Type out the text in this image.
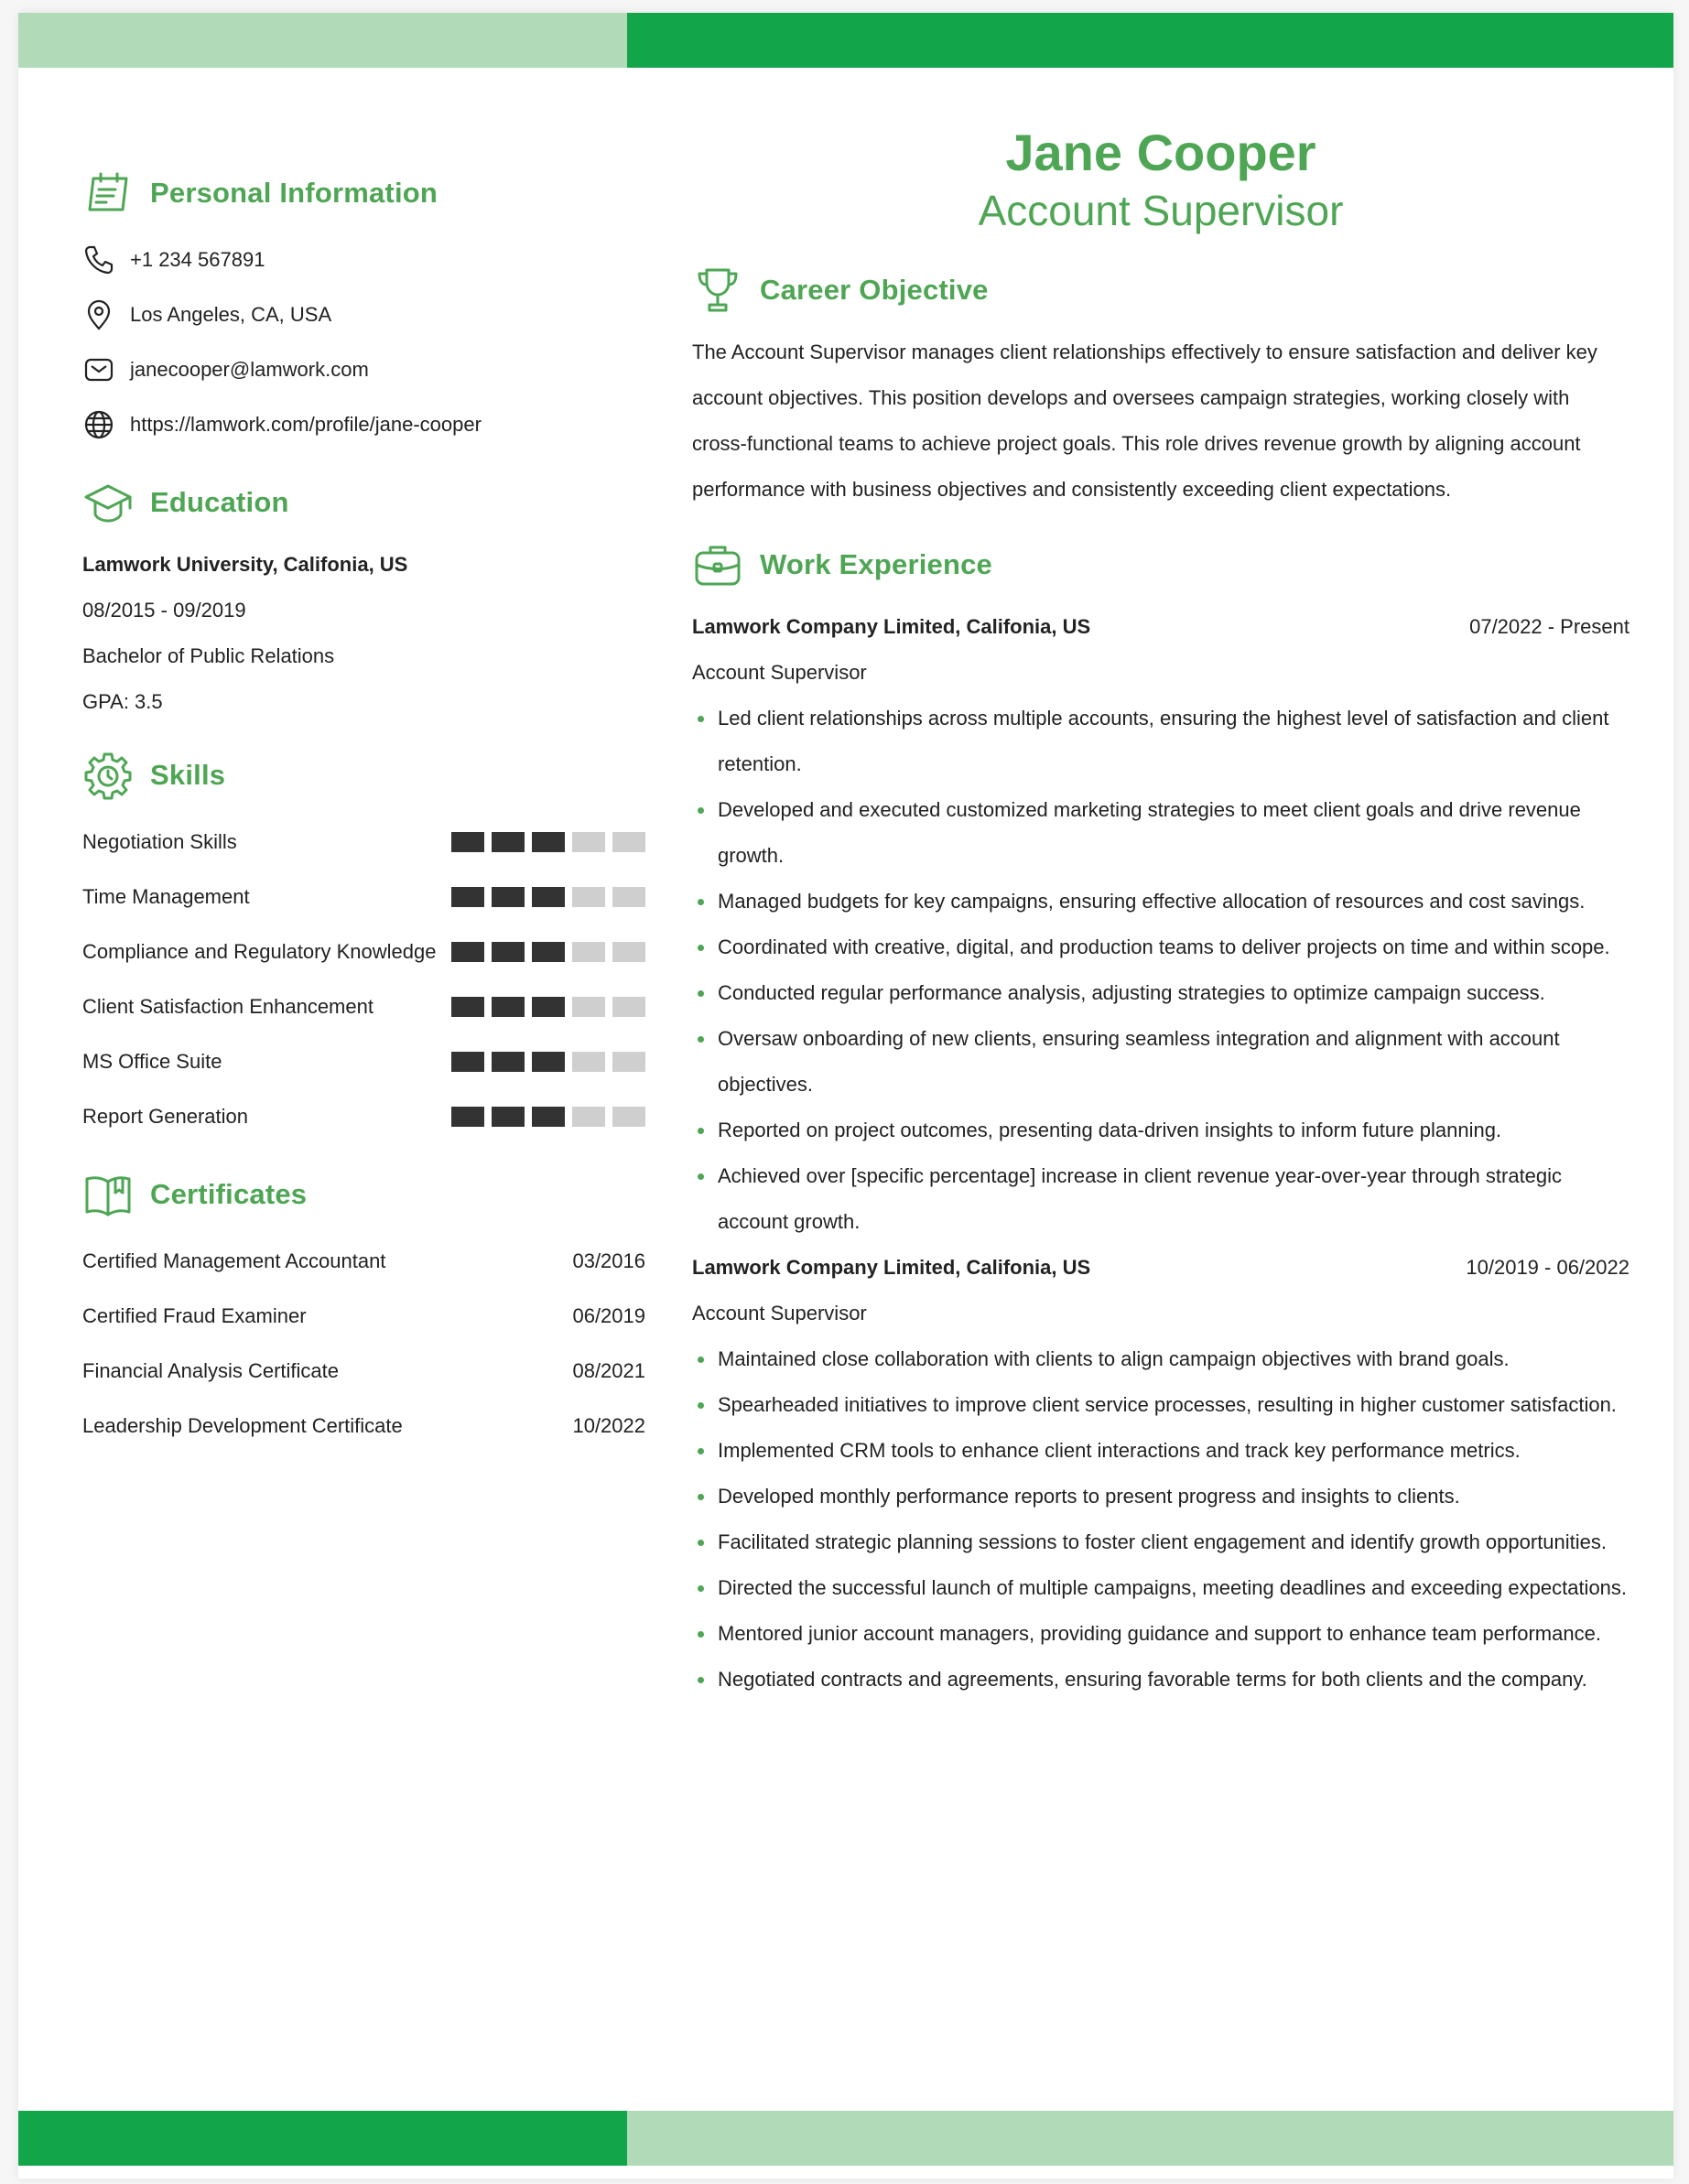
Personal Information
+1 234 567891
Los Angeles, CA, USA
janecooper@lamwork.com
https://lamwork.com/profile/jane-cooper
Education
Lamwork University, Califonia, US
08/2015 - 09/2019
Bachelor of Public Relations
GPA: 3.5
Skills
Negotiation Skills
Time Management
Compliance and Regulatory Knowledge
Client Satisfaction Enhancement
MS Office Suite
Report Generation
Certificates
Certified Management Accountant	03/2016
Certified Fraud Examiner	06/2019
Financial Analysis Certificate	08/2021
Leadership Development Certificate	10/2022
Jane Cooper
Account Supervisor
Career Objective
The Account Supervisor manages client relationships effectively to ensure satisfaction and deliver key account objectives. This position develops and oversees campaign strategies, working closely with cross-functional teams to achieve project goals. This role drives revenue growth by aligning account performance with business objectives and consistently exceeding client expectations.
Work Experience
Lamwork Company Limited, Califonia, US	07/2022 - Present
Account Supervisor
Led client relationships across multiple accounts, ensuring the highest level of satisfaction and client retention.
Developed and executed customized marketing strategies to meet client goals and drive revenue growth.
Managed budgets for key campaigns, ensuring effective allocation of resources and cost savings.
Coordinated with creative, digital, and production teams to deliver projects on time and within scope.
Conducted regular performance analysis, adjusting strategies to optimize campaign success.
Oversaw onboarding of new clients, ensuring seamless integration and alignment with account objectives.
Reported on project outcomes, presenting data-driven insights to inform future planning.
Achieved over [specific percentage] increase in client revenue year-over-year through strategic account growth.
Lamwork Company Limited, Califonia, US	10/2019 - 06/2022
Account Supervisor
Maintained close collaboration with clients to align campaign objectives with brand goals.
Spearheaded initiatives to improve client service processes, resulting in higher customer satisfaction.
Implemented CRM tools to enhance client interactions and track key performance metrics.
Developed monthly performance reports to present progress and insights to clients.
Facilitated strategic planning sessions to foster client engagement and identify growth opportunities.
Directed the successful launch of multiple campaigns, meeting deadlines and exceeding expectations.
Mentored junior account managers, providing guidance and support to enhance team performance.
Negotiated contracts and agreements, ensuring favorable terms for both clients and the company.
